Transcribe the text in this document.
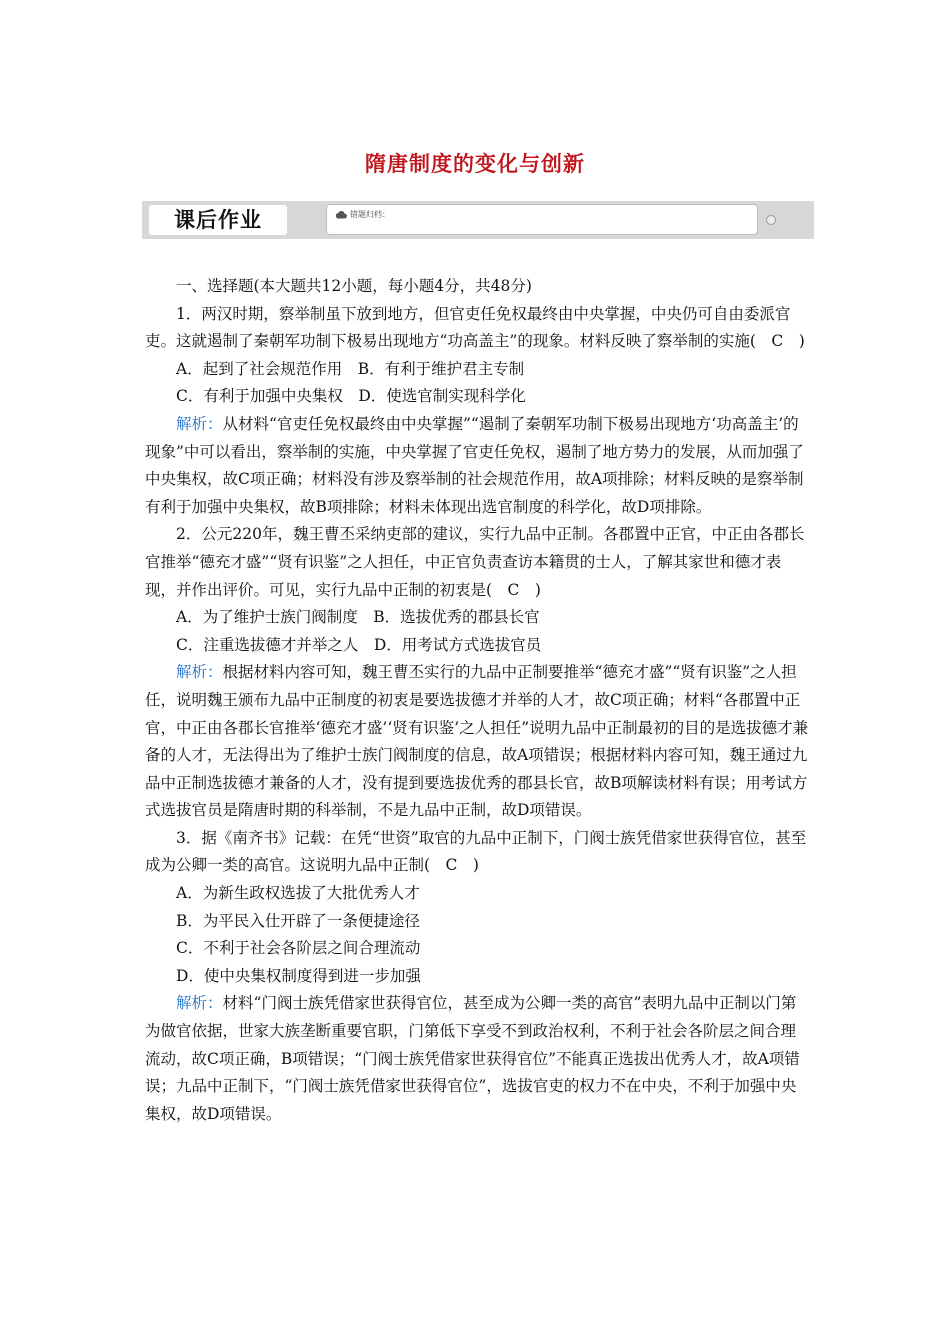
隋唐制度的变化与创新
课后作业	错题归档：

一、选择题(本大题共12小题，每小题4分，共48分)

1．两汉时期，察举制虽下放到地方，但官吏任免权最终由中央掌握，中央仍可自由委派官吏。这就遏制了秦朝军功制下极易出现地方“功高盖主”的现象。材料反映了察举制的实施(　C　)

A．起到了社会规范作用　B．有利于维护君主专制

C．有利于加强中央集权　D．使选官制实现科学化

解析：从材料“官吏任免权最终由中央掌握”“遏制了秦朝军功制下极易出现地方‘功高盖主’的现象”中可以看出，察举制的实施，中央掌握了官吏任免权，遏制了地方势力的发展，从而加强了中央集权，故C项正确；材料没有涉及察举制的社会规范作用，故A项排除；材料反映的是察举制有利于加强中央集权，故B项排除；材料未体现出选官制度的科学化，故D项排除。

2．公元220年，魏王曹丕采纳吏部的建议，实行九品中正制。各郡置中正官，中正由各郡长官推举“德充才盛”“贤有识鉴”之人担任，中正官负责查访本籍贯的士人，了解其家世和德才表现，并作出评价。可见，实行九品中正制的初衷是(　C　)

A．为了维护士族门阀制度　B．选拔优秀的郡县长官

C．注重选拔德才并举之人　D．用考试方式选拔官员

解析：根据材料内容可知，魏王曹丕实行的九品中正制要推举“德充才盛”“贤有识鉴”之人担任，说明魏王颁布九品中正制度的初衷是要选拔德才并举的人才，故C项正确；材料“各郡置中正官，中正由各郡长官推举‘德充才盛’‘贤有识鉴’之人担任”说明九品中正制最初的目的是选拔德才兼备的人才，无法得出为了维护士族门阀制度的信息，故A项错误；根据材料内容可知，魏王通过九品中正制选拔德才兼备的人才，没有提到要选拔优秀的郡县长官，故B项解读材料有误；用考试方式选拔官员是隋唐时期的科举制，不是九品中正制，故D项错误。

3．据《南齐书》记载：在凭“世资”取官的九品中正制下，门阀士族凭借家世获得官位，甚至成为公卿一类的高官。这说明九品中正制(　C　)

A．为新生政权选拔了大批优秀人才

B．为平民入仕开辟了一条便捷途径

C．不利于社会各阶层之间合理流动

D．使中央集权制度得到进一步加强

解析：材料“门阀士族凭借家世获得官位，甚至成为公卿一类的高官”表明九品中正制以门第为做官依据，世家大族垄断重要官职，门第低下享受不到政治权利，不利于社会各阶层之间合理流动，故C项正确，B项错误；“门阀士族凭借家世获得官位”不能真正选拔出优秀人才，故A项错误；九品中正制下，“门阀士族凭借家世获得官位”，选拔官吏的权力不在中央，不利于加强中央集权，故D项错误。
